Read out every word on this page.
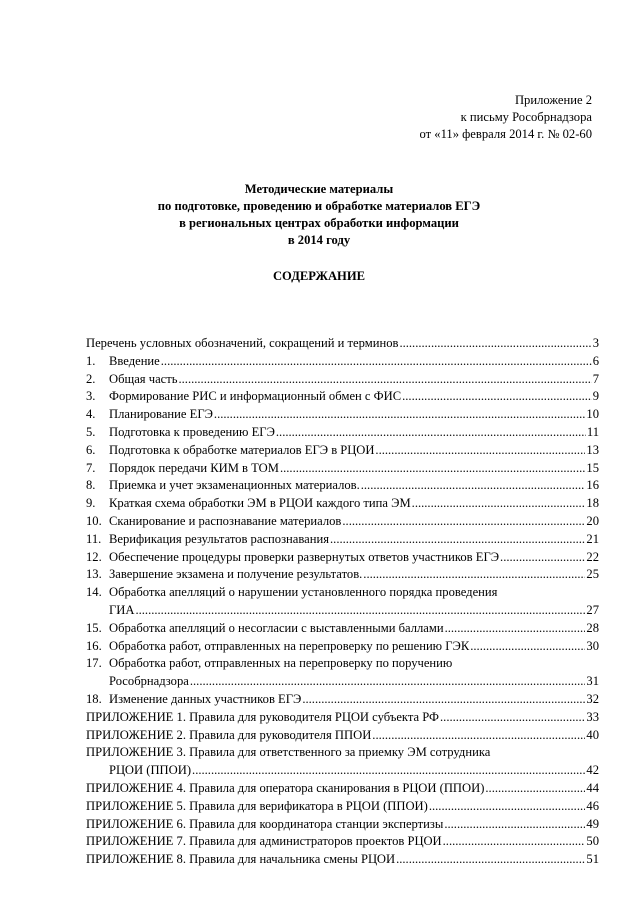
Приложение 2
к письму Рособрнадзора
от «11» февраля 2014 г. № 02-60
Методические материалы
по подготовке, проведению и обработке материалов ЕГЭ
в региональных центрах обработки информации
в 2014 году
СОДЕРЖАНИЕ
Перечень условных обозначений, сокращений и терминов .....	3
1.	Введение .....	6
2.	Общая часть .....	7
3.	Формирование РИС и информационный обмен с ФИС .....	9
4.	Планирование ЕГЭ .....	10
5.	Подготовка к проведению ЕГЭ .....	11
6.	Подготовка к обработке материалов ЕГЭ в РЦОИ .....	13
7.	Порядок передачи КИМ в ТОМ .....	15
8.	Приемка и учет экзаменационных материалов. .....	16
9.	Краткая схема обработки ЭМ в РЦОИ каждого типа ЭМ .....	18
10. Сканирование и распознавание материалов .....	20
11. Верификация результатов распознавания .....	21
12. Обеспечение процедуры проверки развернутых ответов участников ЕГЭ .....	22
13. Завершение экзамена и получение результатов. .....	25
14. Обработка апелляций о нарушении установленного порядка проведения
ГИА .....	27
15. Обработка апелляций о несогласии с выставленными баллами .....	28
16. Обработка работ, отправленных на перепроверку по решению ГЭК .....	30
17. Обработка работ, отправленных на перепроверку по поручению
Рособрнадзора .....	31
18. Изменение данных участников ЕГЭ .....	32
ПРИЛОЖЕНИЕ 1. Правила для руководителя РЦОИ субъекта РФ .....	33
ПРИЛОЖЕНИЕ 2. Правила для руководителя ППОИ .....	40
ПРИЛОЖЕНИЕ 3. Правила для ответственного за приемку ЭМ сотрудника
РЦОИ (ППОИ) .....	42
ПРИЛОЖЕНИЕ 4. Правила для оператора сканирования в РЦОИ (ППОИ) .....	44
ПРИЛОЖЕНИЕ 5. Правила для верификатора в РЦОИ (ППОИ) .....	46
ПРИЛОЖЕНИЕ 6. Правила для координатора станции экспертизы .....	49
ПРИЛОЖЕНИЕ 7. Правила для администраторов проектов РЦОИ .....	50
ПРИЛОЖЕНИЕ 8. Правила для начальника смены РЦОИ .....	51
